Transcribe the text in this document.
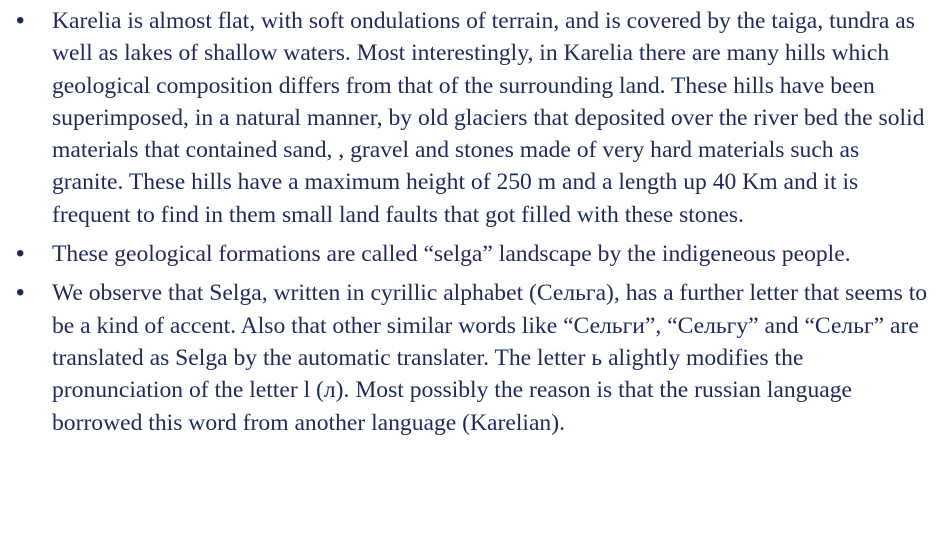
• Karelia is almost flat, with soft ondulations of terrain, and is covered by the taiga, tundra as well as lakes of shallow waters. Most interestingly, in Karelia there are many hills which geological composition differs from that of the surrounding land. These hills have been superimposed, in a natural manner, by old glaciers that deposited over the river bed the solid materials that contained sand, , gravel and stones made of very hard materials such as granite. These hills have a maximum height of 250 m and a length up 40 Km and it is frequent to find in them small land faults that got filled with these stones.
• These geological formations are called “selga” landscape by the indigeneous people.
• We observe that Selga, written in cyrillic alphabet (Сельга), has a further letter that seems to be a kind of accent. Also that other similar words like “Сельги”, “Сельгу” and “Сельг” are translated as Selga by the automatic translater. The letter ь alightly modifies the pronunciation of the letter l (л). Most possibly the reason is that the russian language borrowed this word from another language (Karelian).
